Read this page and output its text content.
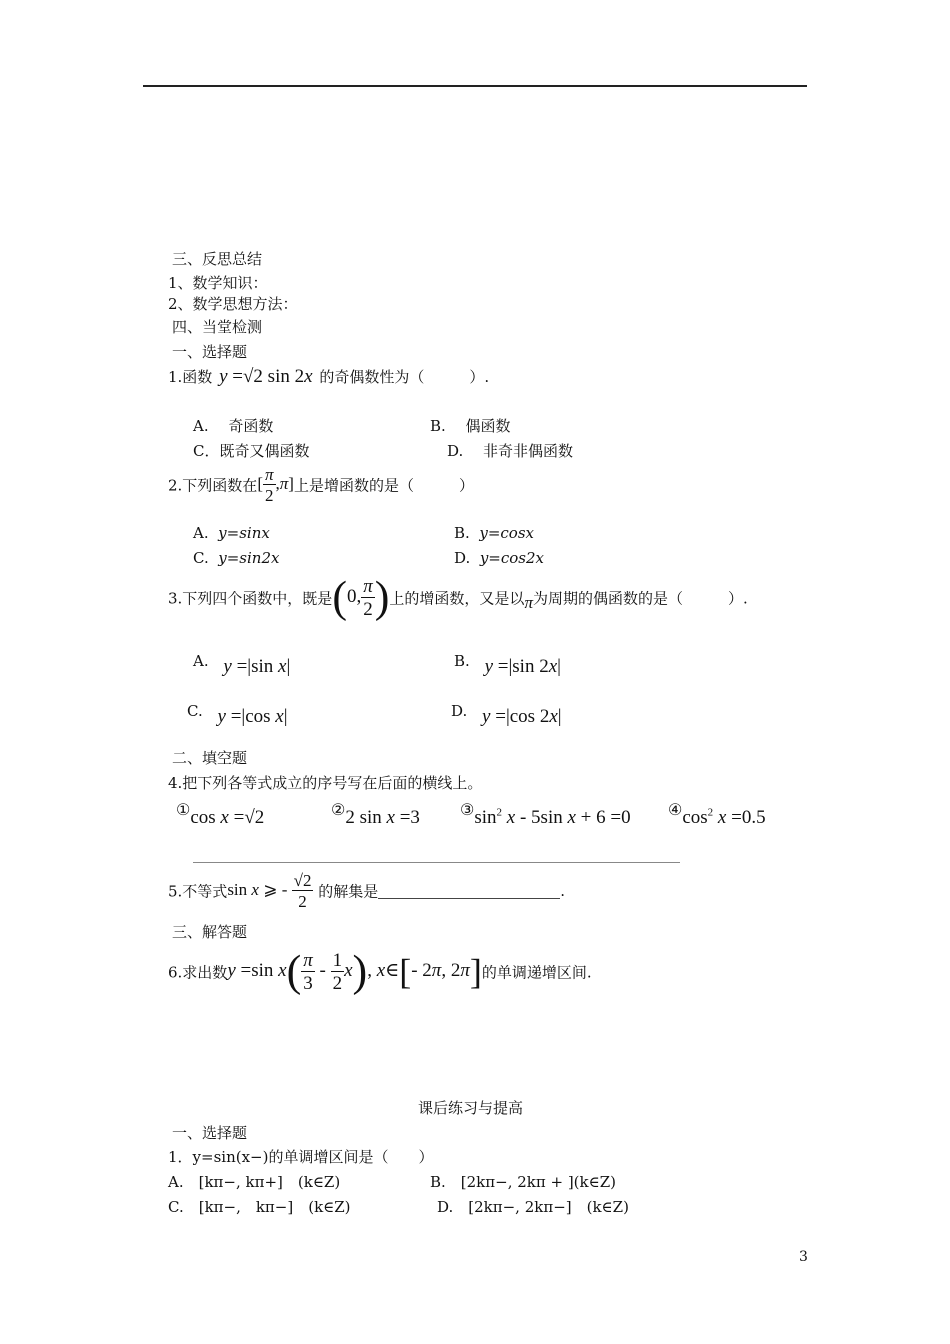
三、反思总结
1、数学知识：
2、数学思想方法：
四、当堂检测
一、选择题
1.函数 y =√2 sin 2x 的奇偶数性为（　　　）.
A.　 奇函数	B.　 偶函数
C．既奇又偶函数	D.　 非奇非偶函数
2.下列函数在[ $\frac{\pi}{2} ,\pi$]上是增函数的是（　　　）
A. y=sinx	B. y=cosx
C. y=sin2x	D. y=cos2x
3.下列四个函数中，既是(0, $\frac{\pi}{2}$ )上的增函数，又是以π为周期的偶函数的是（　　　）.
A. y =|sin x|	B. y =|sin 2x|
C. y =|cos x|	D. y =|cos 2x|
二、填空题
4.把下列各等式成立的序号写在后面的横线上。
①cos x =√2	②2 sin x =3	$③\sin^2$ x - 5sin x + 6 =0 $④\cos^2$ x =0.5
5.不等式sin x ⩾ - $\frac{√2}{2}$ 的解集是	.
三、解答题
6.求出数y =sin $x( \frac{\pi}{3} - \frac{1}{2} x)$, x∈[- 2π, 2π]的单调递增区间.
课后练习与提高
一、选择题
1．y=sin(x−)的单调增区间是（　　）
A.　[kπ−, kπ+]　(k∈Z)	B.　[2kπ−, 2kπ + ](k∈Z)
C.　[kπ−,　kπ−]　(k∈Z)	D.　[2kπ−, 2kπ−]　(k∈Z)
3
